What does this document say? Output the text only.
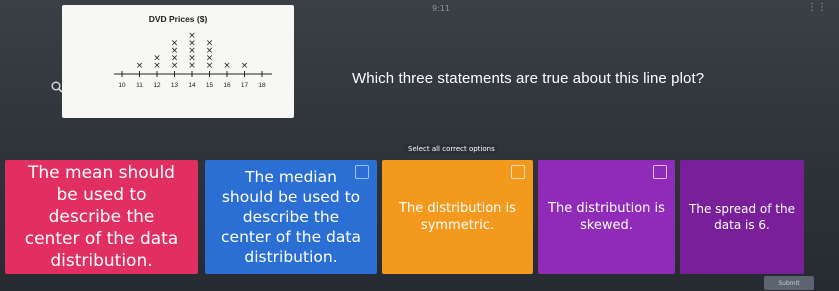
9:11	⋮⋮
DVD Prices ($)
10 11 12 13 14 15 16 17 18
× ×
×
×
×
×
×
×
×
×
×
×
×
×
×
×
× ×
Which three statements are true about this line plot?
Select all correct options
The mean should
be used to
describe the
center of the data
distribution.
The median
should be used to
describe the
center of the data
distribution.
The distribution is
symmetric.
The distribution is
skewed.
The spread of the
data is 6.
Submit
